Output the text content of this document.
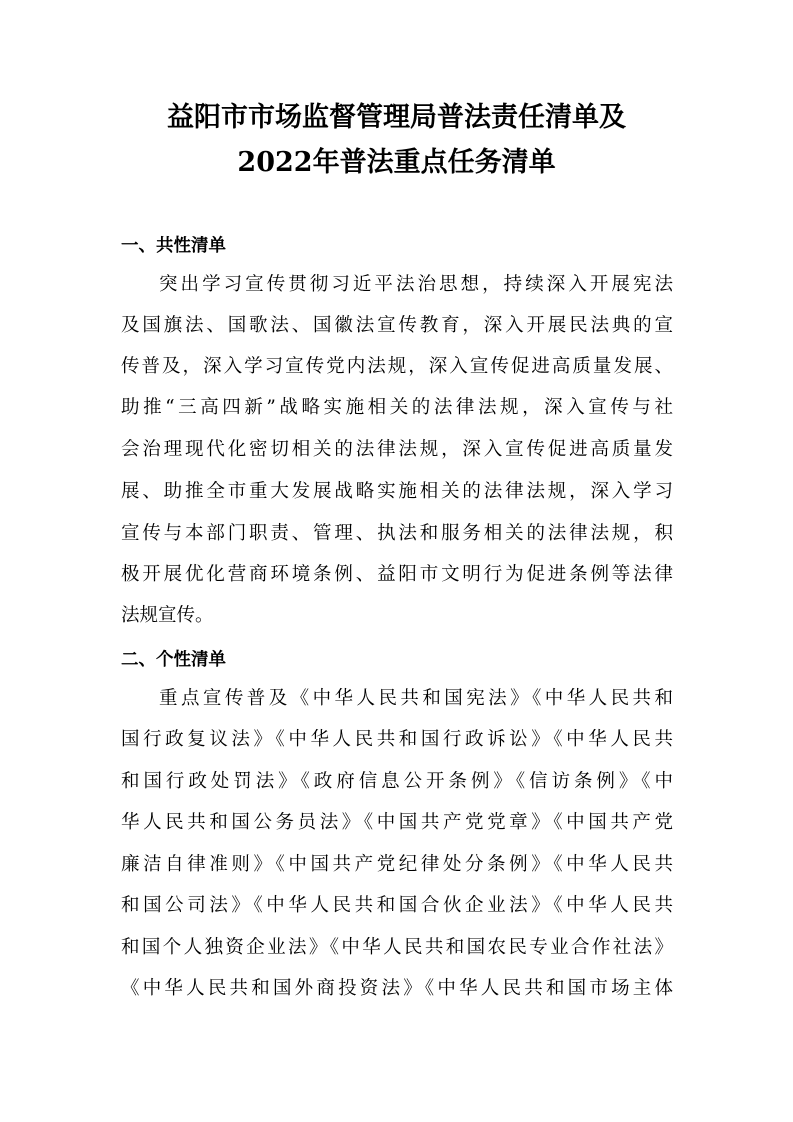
益阳市市场监督管理局普法责任清单及
2022年普法重点任务清单
一、共性清单
突出学习宣传贯彻习近平法治思想，持续深入开展宪法
及国旗法、国歌法、国徽法宣传教育，深入开展民法典的宣
传普及，深入学习宣传党内法规，深入宣传促进高质量发展、
助推“三高四新”战略实施相关的法律法规，深入宣传与社
会治理现代化密切相关的法律法规，深入宣传促进高质量发
展、助推全市重大发展战略实施相关的法律法规，深入学习
宣传与本部门职责、管理、执法和服务相关的法律法规，积
极开展优化营商环境条例、益阳市文明行为促进条例等法律
法规宣传。
二、个性清单
重点宣传普及《中华人民共和国宪法》《中华人民共和
国行政复议法》《中华人民共和国行政诉讼》《中华人民共
和国行政处罚法》《政府信息公开条例》《信访条例》《中
华人民共和国公务员法》《中国共产党党章》《中国共产党
廉洁自律准则》《中国共产党纪律处分条例》《中华人民共
和国公司法》《中华人民共和国合伙企业法》《中华人民共
和国个人独资企业法》《中华人民共和国农民专业合作社法》
《中华人民共和国外商投资法》《中华人民共和国市场主体
